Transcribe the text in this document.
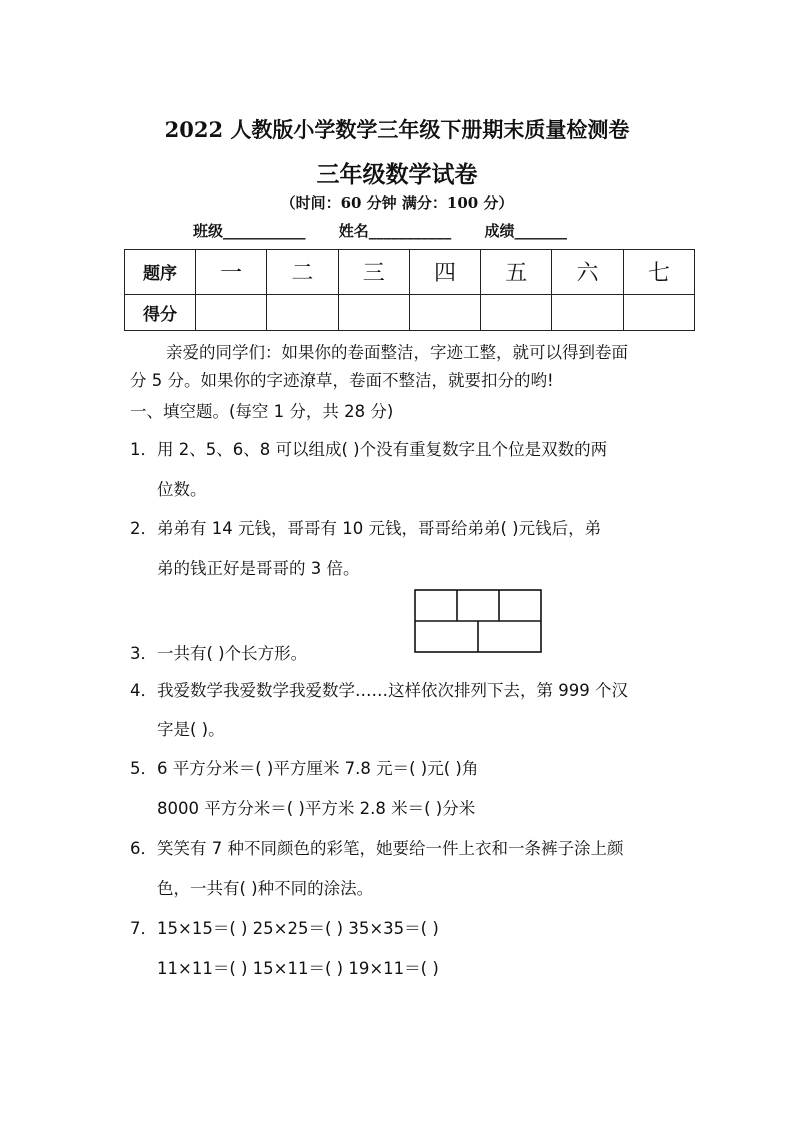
2022 人教版小学数学三年级下册期末质量检测卷
三年级数学试卷
（时间：60 分钟 满分：100 分）
班级___________ 姓名___________ 成绩_______
题序	一	二	三	四	五	六	七
得分							
亲爱的同学们：如果你的卷面整洁，字迹工整，就可以得到卷面
分 5 分。如果你的字迹潦草，卷面不整洁，就要扣分的哟!
一、填空题。(每空 1 分，共 28 分)
1．用 2、5、6、8 可以组成( )个没有重复数字且个位是双数的两
位数。
2．弟弟有 14 元钱，哥哥有 10 元钱，哥哥给弟弟( )元钱后，弟
弟的钱正好是哥哥的 3 倍。
3．一共有( )个长方形。
4．我爱数学我爱数学我爱数学……这样依次排列下去，第 999 个汉
字是( )。
5．6 平方分米＝( )平方厘米 7.8 元＝( )元( )角
8000 平方分米＝( )平方米 2.8 米＝( )分米
6．笑笑有 7 种不同颜色的彩笔，她要给一件上衣和一条裤子涂上颜
色，一共有( )种不同的涂法。
7．15×15＝( ) 25×25＝( ) 35×35＝( )
11×11＝( ) 15×11＝( ) 19×11＝( )
